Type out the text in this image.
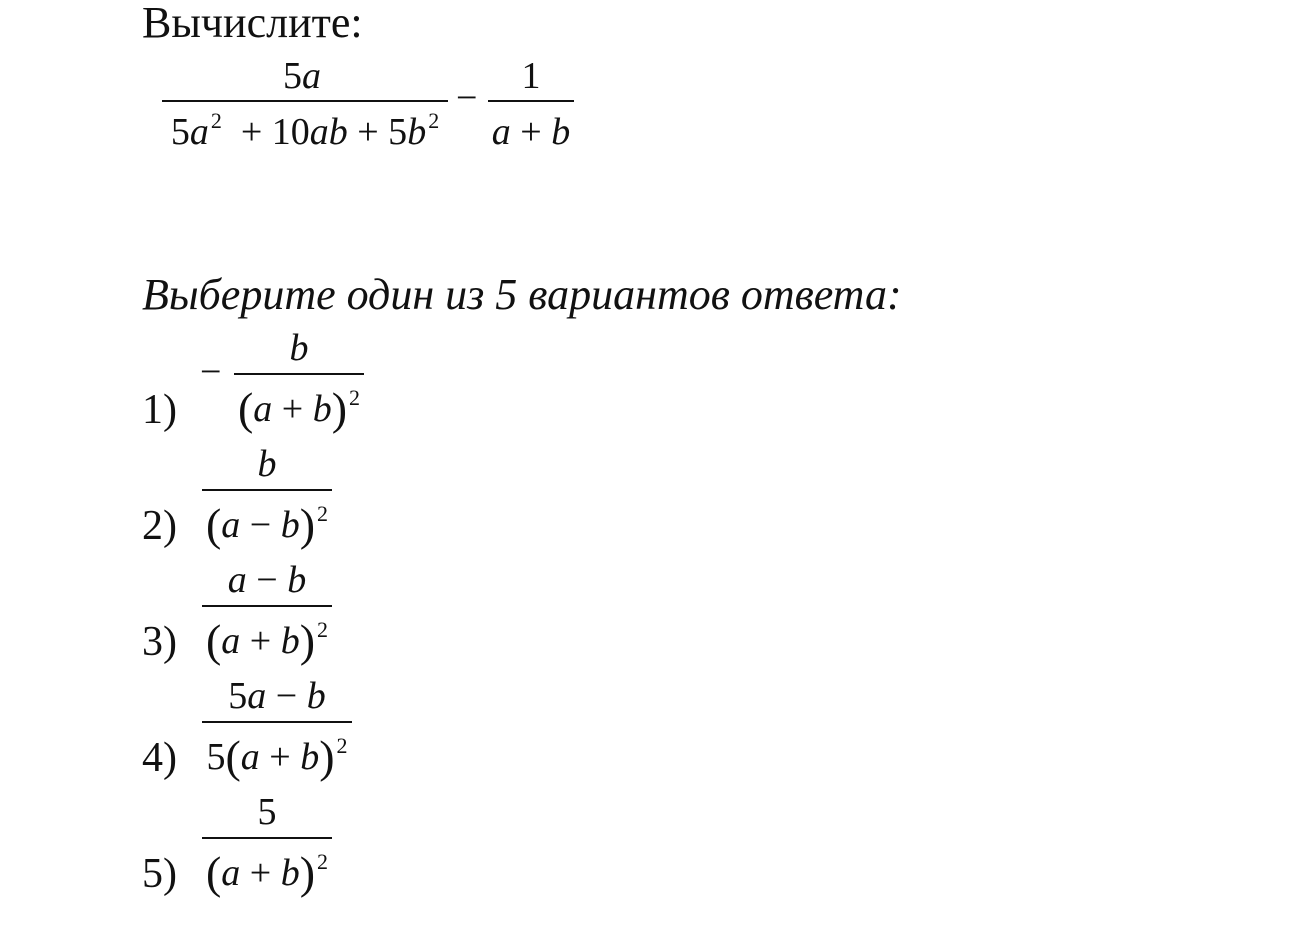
Вычислите:
5a
$5a^2 + 10ab + 5b^2$
−
1
a + b
Выберите один из 5 вариантов ответа:
1)
−
b
$(a + b)^2$
2)
b
$(a - b)^2$
3)
a − b
$(a + b)^2$
4)
5a − b
$5(a + b)^2$
5)
5
$(a + b)^2$
